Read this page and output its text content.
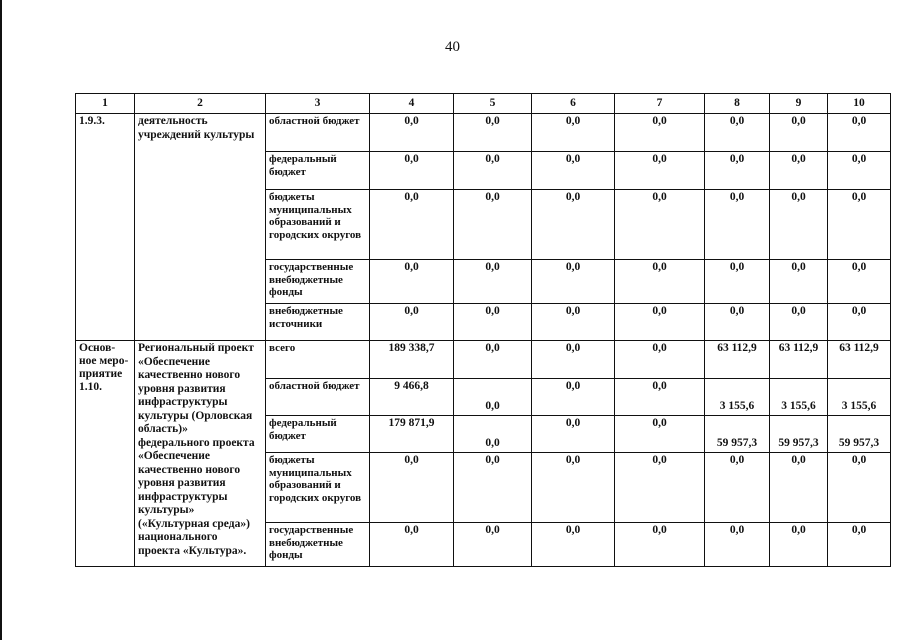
40
1	2	3	4	5	6	7	8	9	10
1.9.3.	деятельность учреждений культуры	областной бюджет	0,0	0,0	0,0	0,0	0,0	0,0	0,0
		федеральный бюджет	0,0	0,0	0,0	0,0	0,0	0,0	0,0
		бюджеты муниципальных образований и городских округов	0,0	0,0	0,0	0,0	0,0	0,0	0,0
		государственные внебюджетные фонды	0,0	0,0	0,0	0,0	0,0	0,0	0,0
		внебюджетные источники	0,0	0,0	0,0	0,0	0,0	0,0	0,0
Основ-ное меро-приятие 1.10.	Региональный проект «Обеспечение качественно нового уровня развития инфраструктуры культуры (Орловская область)» федерального проекта «Обеспечение качественно нового уровня развития инфраструктуры культуры» («Культурная среда») национального проекта «Культура».	всего	189 338,7	0,0	0,0	0,0	63 112,9	63 112,9	63 112,9
		областной бюджет	9 466,8	0,0	0,0	0,0	3 155,6	3 155,6	3 155,6
		федеральный бюджет	179 871,9	0,0	0,0	0,0	59 957,3	59 957,3	59 957,3
		бюджеты муниципальных образований и городских округов	0,0	0,0	0,0	0,0	0,0	0,0	0,0
		государственные внебюджетные фонды	0,0	0,0	0,0	0,0	0,0	0,0	0,0
